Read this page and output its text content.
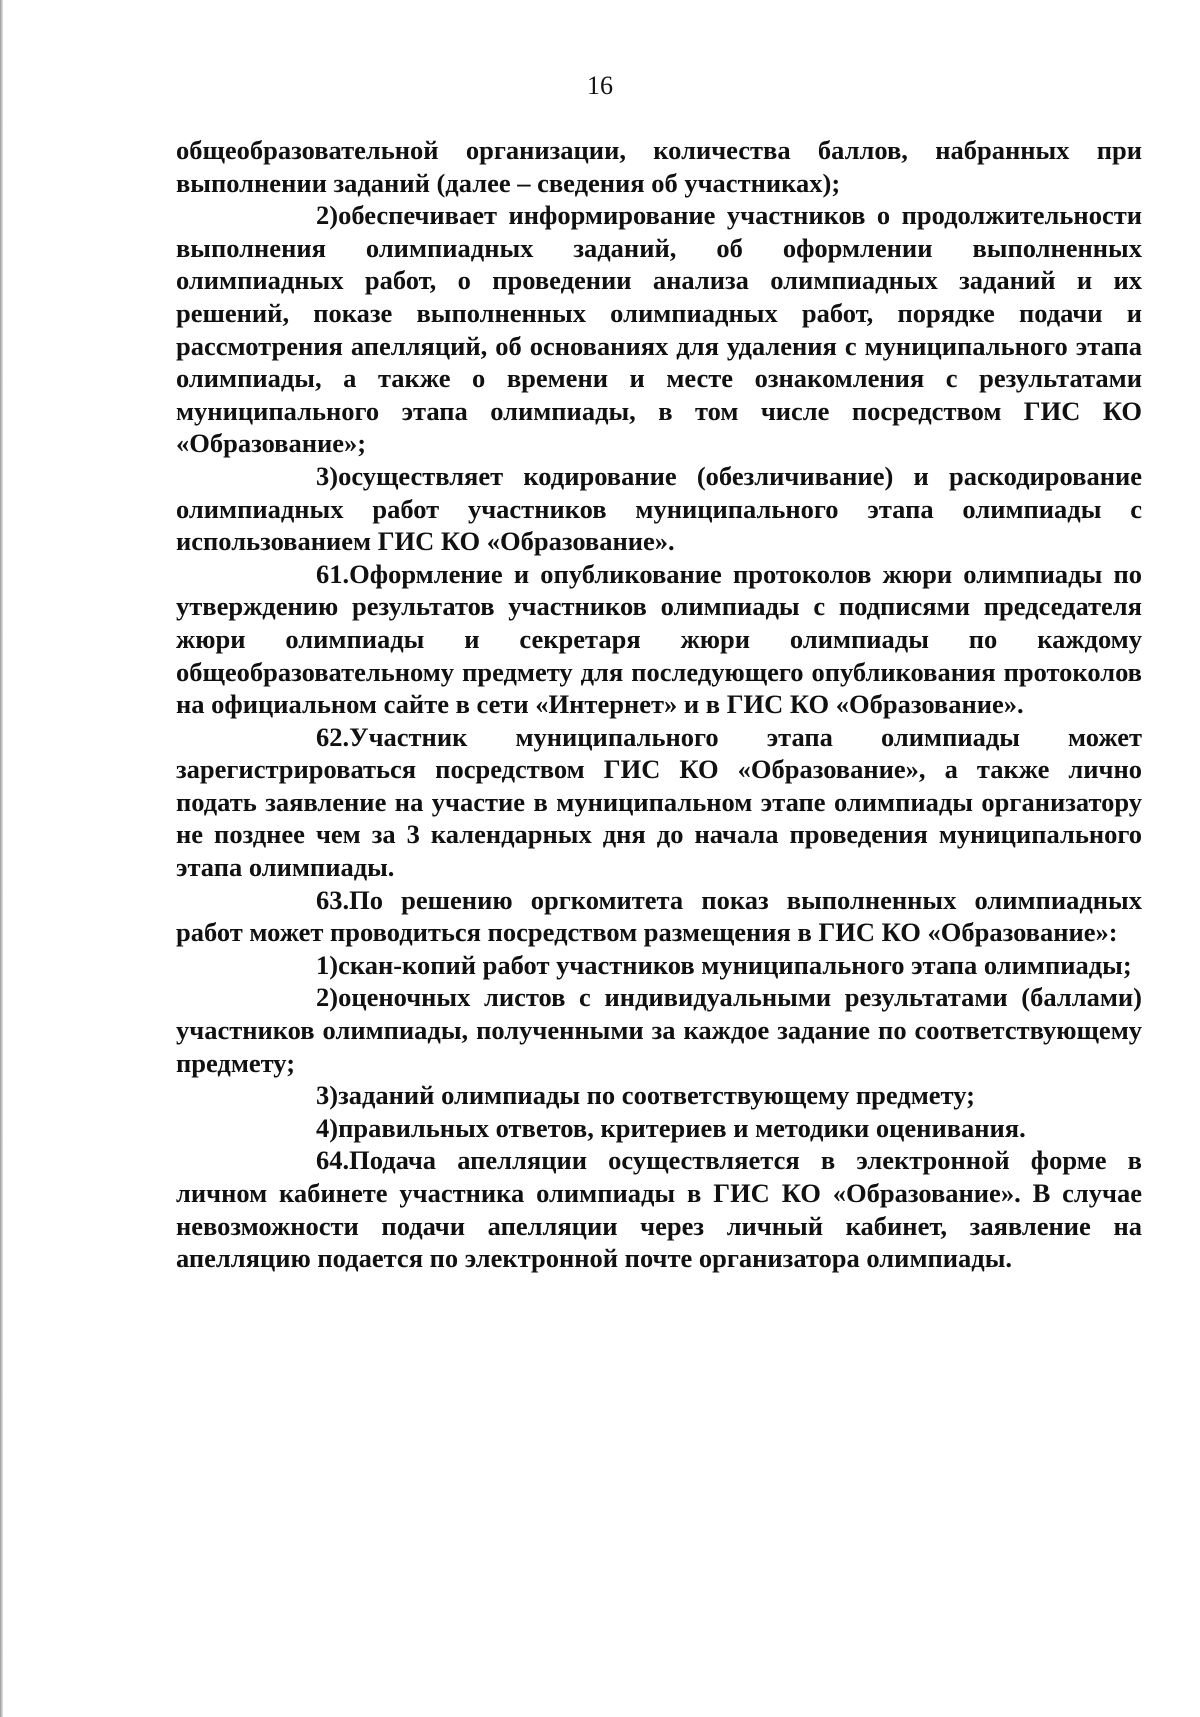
16

общеобразовательной организации, количества баллов, набранных при выполнении заданий (далее – сведения об участниках);

2)обеспечивает информирование участников о продолжительности выполнения олимпиадных заданий, об оформлении выполненных олимпиадных работ, о проведении анализа олимпиадных заданий и их решений, показе выполненных олимпиадных работ, порядке подачи и рассмотрения апелляций, об основаниях для удаления с муниципального этапа олимпиады, а также о времени и месте ознакомления с результатами муниципального этапа олимпиады, в том числе посредством ГИС КО «Образование»;

3)осуществляет кодирование (обезличивание) и раскодирование олимпиадных работ участников муниципального этапа олимпиады с использованием ГИС КО «Образование».

61.Оформление и опубликование протоколов жюри олимпиады по утверждению результатов участников олимпиады с подписями председателя жюри олимпиады и секретаря жюри олимпиады по каждому общеобразовательному предмету для последующего опубликования протоколов на официальном сайте в сети «Интернет» и в ГИС КО «Образование».

62.Участник муниципального этапа олимпиады может зарегистрироваться посредством ГИС КО «Образование», а также лично подать заявление на участие в муниципальном этапе олимпиады организатору не позднее чем за 3 календарных дня до начала проведения муниципального этапа олимпиады.

63.По решению оргкомитета показ выполненных олимпиадных работ может проводиться посредством размещения в ГИС КО «Образование»:

1)скан-копий работ участников муниципального этапа олимпиады;

2)оценочных листов с индивидуальными результатами (баллами) участников олимпиады, полученными за каждое задание по соответствующему предмету;

3)заданий олимпиады по соответствующему предмету;

4)правильных ответов, критериев и методики оценивания.

64.Подача апелляции осуществляется в электронной форме в личном кабинете участника олимпиады в ГИС КО «Образование». В случае невозможности подачи апелляции через личный кабинет, заявление на апелляцию подается по электронной почте организатора олимпиады.
